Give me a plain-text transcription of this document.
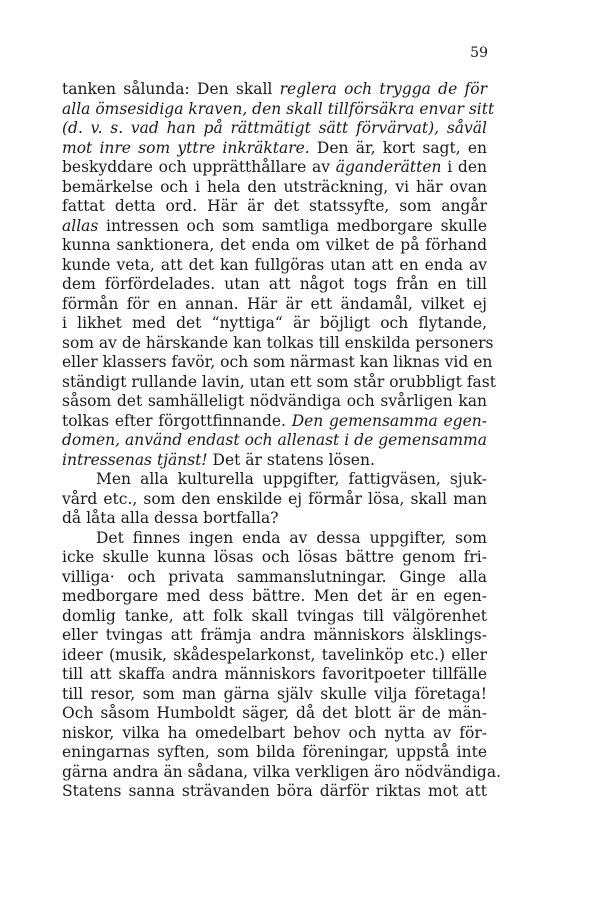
59
tanken sålunda: Den skall reglera och trygga de för
alla ömsesidiga kraven, den skall tillförsäkra envar sitt
(d. v. s. vad han på rättmätigt sätt förvärvat), såväl
mot inre som yttre inkräktare. Den är, kort sagt, en
beskyddare och upprätthållare av äganderätten i den
bemärkelse och i hela den utsträckning, vi här ovan
fattat detta ord. Här är det statssyfte, som angår
allas intressen och som samtliga medborgare skulle
kunna sanktionera, det enda om vilket de på förhand
kunde veta, att det kan fullgöras utan att en enda av
dem förfördelades. utan att något togs från en till
förmån för en annan. Här är ett ändamål, vilket ej
i likhet med det “nyttiga“ är böjligt och flytande,
som av de härskande kan tolkas till enskilda personers
eller klassers favör, och som närmast kan liknas vid en
ständigt rullande lavin, utan ett som står orubbligt fast
såsom det samhälleligt nödvändiga och svårligen kan
tolkas efter förgottfinnande. Den gemensamma egen-
domen, använd endast och allenast i de gemensamma
intressenas tjänst! Det är statens lösen.
Men alla kulturella uppgifter, fattigväsen, sjuk-
vård etc., som den enskilde ej förmår lösa, skall man
då låta alla dessa bortfalla?
Det finnes ingen enda av dessa uppgifter, som
icke skulle kunna lösas och lösas bättre genom fri-
villiga· och privata sammanslutningar. Ginge alla
medborgare med dess bättre. Men det är en egen-
domlig tanke, att folk skall tvingas till välgörenhet
eller tvingas att främja andra människors älsklings-
ideer (musik, skådespelarkonst, tavelinköp etc.) eller
till att skaffa andra människors favoritpoeter tillfälle
till resor, som man gärna själv skulle vilja företaga!
Och såsom Humboldt säger, då det blott är de män-
niskor, vilka ha omedelbart behov och nytta av för-
eningarnas syften, som bilda föreningar, uppstå inte
gärna andra än sådana, vilka verkligen äro nödvändiga.
Statens sanna strävanden böra därför riktas mot att
